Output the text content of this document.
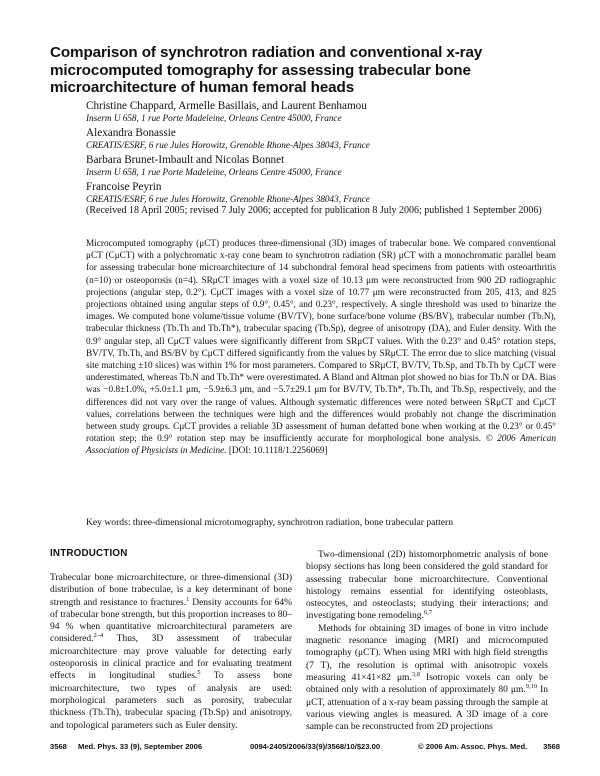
Comparison of synchrotron radiation and conventional x-ray microcomputed tomography for assessing trabecular bone microarchitecture of human femoral heads
Christine Chappard, Armelle Basillais, and Laurent Benhamou
Inserm U 658, 1 rue Porte Madeleine, Orleans Centre 45000, France
Alexandra Bonassie
CREATIS/ESRF, 6 rue Jules Horowitz, Grenoble Rhone-Alpes 38043, France
Barbara Brunet-Imbault and Nicolas Bonnet
Inserm U 658, 1 rue Porte Madeleine, Orleans Centre 45000, France
Francoise Peyrin
CREATIS/ESRF, 6 rue Jules Horowitz, Grenoble Rhone-Alpes 38043, France
(Received 18 April 2005; revised 7 July 2006; accepted for publication 8 July 2006; published 1 September 2006)
Microcomputed tomography (μCT) produces three-dimensional (3D) images of trabecular bone. We compared conventional μCT (CμCT) with a polychromatic x-ray cone beam to synchrotron radiation (SR) μCT with a monochromatic parallel beam for assessing trabecular bone microarchitecture of 14 subchondral femoral head specimens from patients with osteoarthritis (n=10) or osteoporosis (n=4). SRμCT images with a voxel size of 10.13 μm were reconstructed from 900 2D radiographic projections (angular step, 0.2°). CμCT images with a voxel size of 10.77 μm were reconstructed from 205, 413, and 825 projections obtained using angular steps of 0.9°, 0.45°, and 0.23°, respectively. A single threshold was used to binarize the images. We computed bone volume/tissue volume (BV/TV), bone surface/bone volume (BS/BV), trabecular number (Tb.N), trabecular thickness (Tb.Th and Tb.Th*), trabecular spacing (Tb.Sp), degree of anisotropy (DA), and Euler density. With the 0.9° angular step, all CμCT values were significantly different from SRμCT values. With the 0.23° and 0.45° rotation steps, BV/TV, Tb.Th, and BS/BV by CμCT differed significantly from the values by SRμCT. The error due to slice matching (visual site matching ±10 slices) was within 1% for most parameters. Compared to SRμCT, BV/TV, Tb.Sp, and Tb.Th by CμCT were underestimated, whereas Tb.N and Tb.Th* were overestimated. A Bland and Altman plot showed no bias for Tb.N or DA. Bias was −0.8±1.0%, +5.0±1.1 μm, −5.9±6.3 μm, and −5.7±29.1 μm for BV/TV, Tb.Th*, Tb.Th, and Tb.Sp, respectively, and the differences did not vary over the range of values. Although systematic differences were noted between SRμCT and CμCT values, correlations between the techniques were high and the differences would probably not change the discrimination between study groups. CμCT provides a reliable 3D assessment of human defatted bone when working at the 0.23° or 0.45° rotation step; the 0.9° rotation step may be insufficiently accurate for morphological bone analysis. © 2006 American Association of Physicists in Medicine. [DOI: 10.1118/1.2256069]
Key words: three-dimensional microtomography, synchrotron radiation, bone trabecular pattern
INTRODUCTION

Trabecular bone microarchitecture, or three-dimensional (3D) distribution of bone trabeculae, is a key determinant of bone strength and resistance to fractures.$^1$ Density accounts for 64% of trabecular bone strength, but this proportion increases to 80–94 % when quantitative microarchitectural parameters are considered.$^{2-4}$ Thus, 3D assessment of trabecular microarchitecture may prove valuable for detecting early osteoporosis in clinical practice and for evaluating treatment effects in longitudinal studies.$^5$ To assess bone microarchitecture, two types of analysis are used: morphological parameters such as porosity, trabecular thickness (Tb.Th), trabecular spacing (Tb.Sp) and anisotropy, and topological parameters such as Euler density.

Two-dimensional (2D) histomorphometric analysis of bone biopsy sections has long been considered the gold standard for assessing trabecular bone microarchitecture. Conventional histology remains essential for identifying osteoblasts, osteocytes, and osteoclasts; studying their interactions; and investigating bone remodeling.$^{6,7}$

Methods for obtaining 3D images of bone in vitro include magnetic resonance imaging (MRI) and microcomputed tomography (μCT). When using MRI with high field strengths (7 T), the resolution is optimal with anisotropic voxels measuring 41×41×82 μm.$^{3,8}$ Isotropic voxels can only be obtained only with a resolution of approximately 80 μm.$^{9,10}$ In μCT, attenuation of a x-ray beam passing through the sample at various viewing angles is measured. A 3D image of a core sample can be reconstructed from 2D projections

3568	Med. Phys. 33 (9), September 2006	0094-2405/2006/33(9)/3568/10/$23.00	© 2006 Am. Assoc. Phys. Med.	3568
